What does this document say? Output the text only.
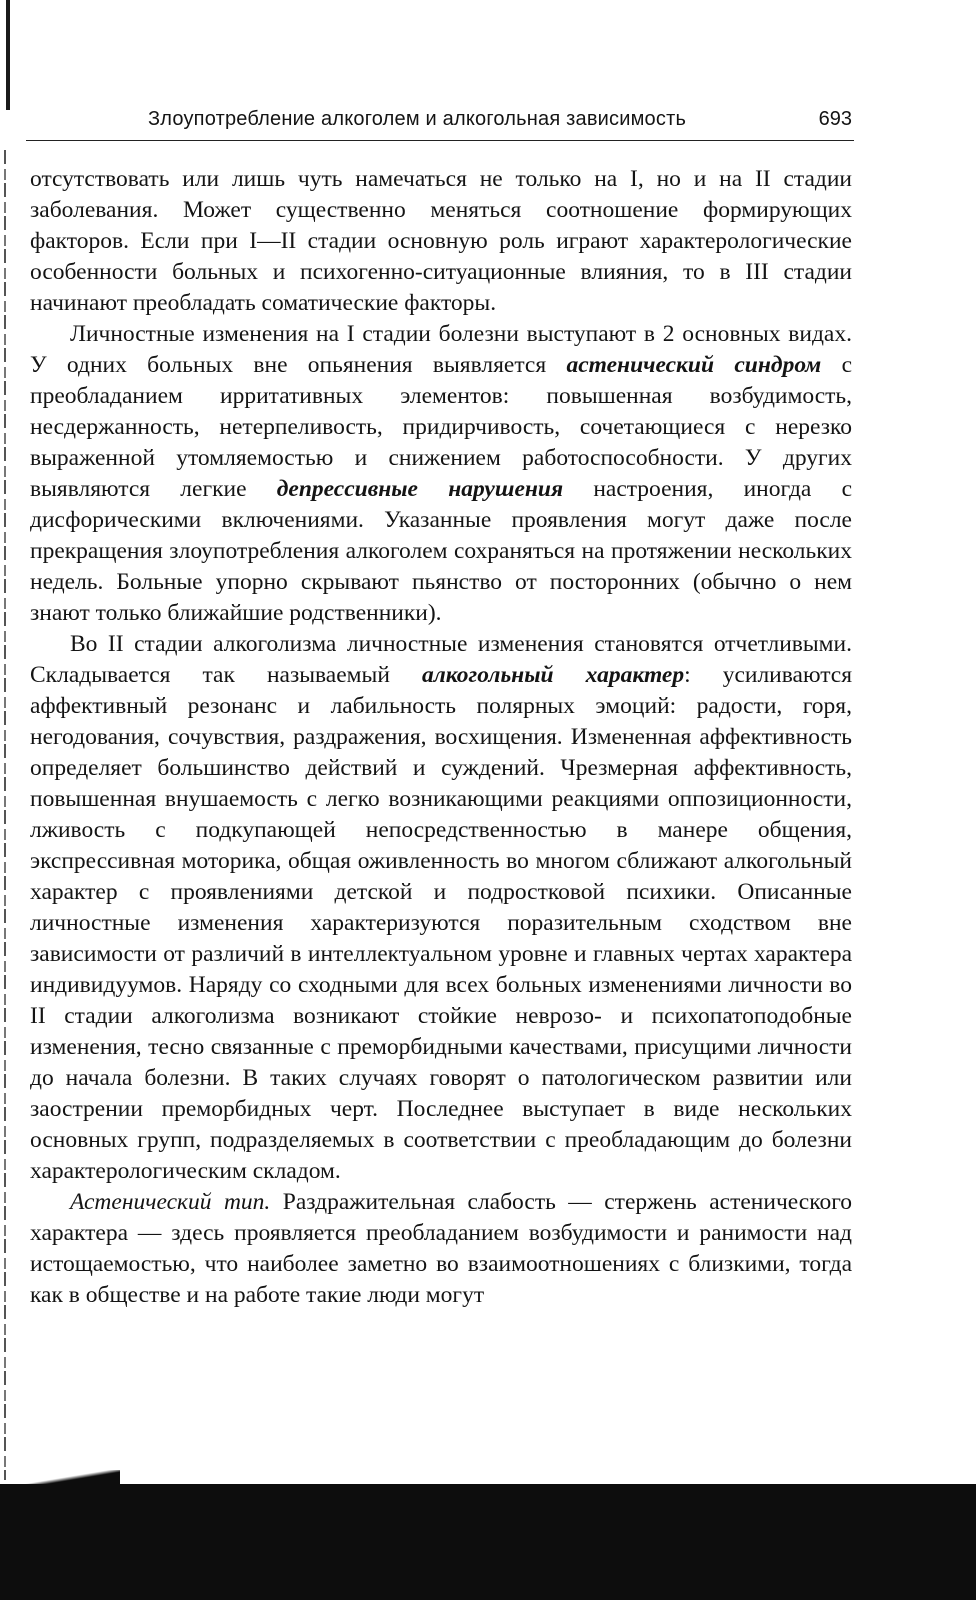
Злоупотребление алкоголем и алкогольная зависимость	693

отсутствовать или лишь чуть намечаться не только на I, но и на II стадии заболевания. Может существенно меняться соотношение формирующих факторов. Если при I—II стадии основную роль играют характерологические особенности больных и психогенно-ситуационные влияния, то в III стадии начинают преобладать соматические факторы.

Личностные изменения на I стадии болезни выступают в 2 основных видах. У одних больных вне опьянения выявляется астенический синдром с преобладанием ирритативных элементов: повышенная возбудимость, несдержанность, нетерпеливость, придирчивость, сочетающиеся с нерезко выраженной утомляемостью и снижением работоспособности. У других выявляются легкие депрессивные нарушения настроения, иногда с дисфорическими включениями. Указанные проявления могут даже после прекращения злоупотребления алкоголем сохраняться на протяжении нескольких недель. Больные упорно скрывают пьянство от посторонних (обычно о нем знают только ближайшие родственники).

Во II стадии алкоголизма личностные изменения становятся отчетливыми. Складывается так называемый алкогольный характер: усиливаются аффективный резонанс и лабильность полярных эмоций: радости, горя, негодования, сочувствия, раздражения, восхищения. Измененная аффективность определяет большинство действий и суждений. Чрезмерная аффективность, повышенная внушаемость с легко возникающими реакциями оппозиционности, лживость с подкупающей непосредственностью в манере общения, экспрессивная моторика, общая оживленность во многом сближают алкогольный характер с проявлениями детской и подростковой психики. Описанные личностные изменения характеризуются поразительным сходством вне зависимости от различий в интеллектуальном уровне и главных чертах характера индивидуумов. Наряду со сходными для всех больных изменениями личности во II стадии алкоголизма возникают стойкие неврозо- и психопатоподобные изменения, тесно связанные с преморбидными качествами, присущими личности до начала болезни. В таких случаях говорят о патологическом развитии или заострении преморбидных черт. Последнее выступает в виде нескольких основных групп, подразделяемых в соответствии с преобладающим до болезни характерологическим складом.

Астенический тип. Раздражительная слабость — стержень астенического характера — здесь проявляется преобладанием возбудимости и ранимости над истощаемостью, что наиболее заметно во взаимоотношениях с близкими, тогда как в обществе и на работе такие люди могут
